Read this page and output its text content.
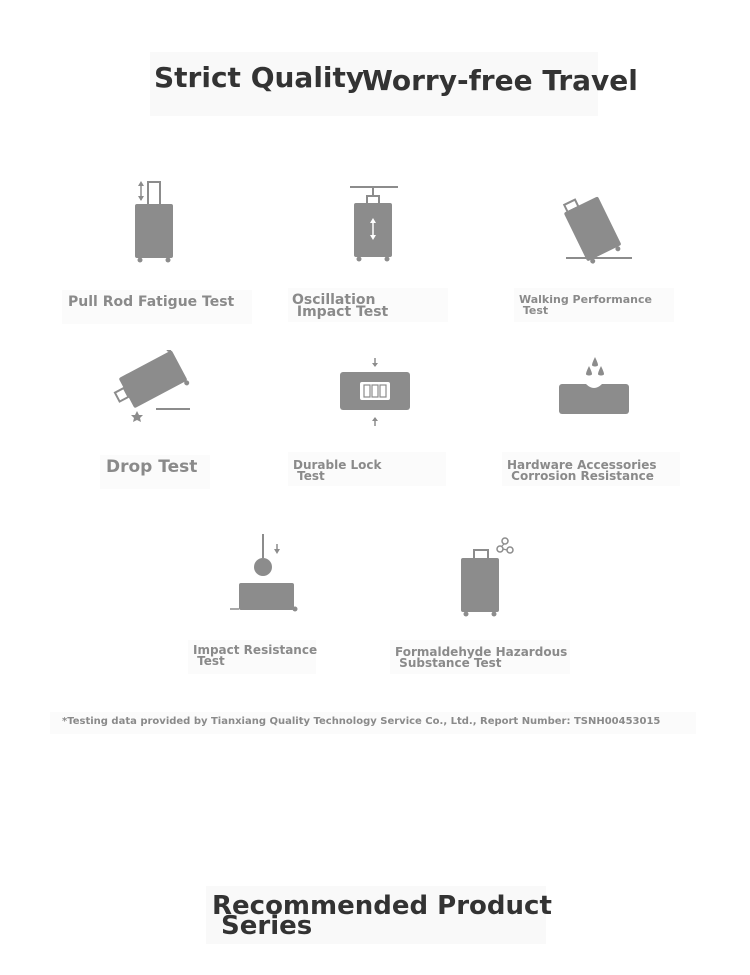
Strict Quality
Worry-free Travel
Pull Rod Fatigue Test	Oscillation
Impact Test
Walking Performance
Test
Drop Test	Durable Lock
Test
Hardware Accessories
Corrosion Resistance
Impact Resistance
Test
Formaldehyde Hazardous
Substance Test
*Testing data provided by Tianxiang Quality Technology Service Co., Ltd., Report Number: TSNH00453015
Recommended Product
Series
